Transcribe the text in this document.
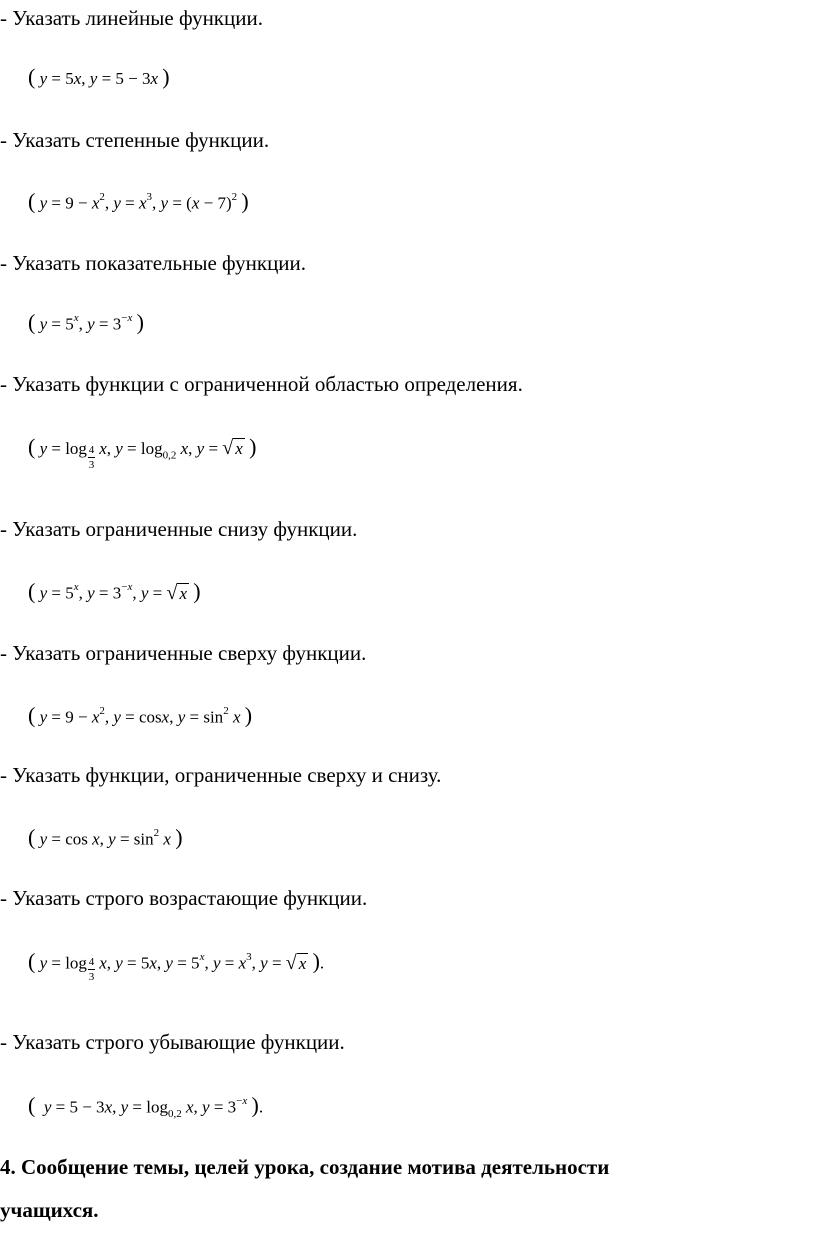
- Указать линейные функции.
( y = 5x, y = 5 − 3x )
- Указать степенные функции.
( $y = 9 - x^2$, $y = x^3$, $y = (x - 7)^2$ )
- Указать показательные функции.
( $y = 5^x$, $y = 3^{-x}$ )
- Указать функции с ограниченной областью определения.
( $y = \log \frac{4}{3} x$, $y = \log_{0,2} x$, y = √ x )
- Указать ограниченные снизу функции.
( $y = 5^x$, $y = 3^{-x}$, y = √ x )
- Указать ограниченные сверху функции.
( $y = 9 - x^2$, y = cosx, $y = \sin^2 x$ )
- Указать функции, ограниченные сверху и снизу.
( y = cos x, $y = \sin^2 x$ )
- Указать строго возрастающие функции.
( $y = \log \frac{4}{3} x$, y = 5x, $y = 5^x$, $y = x^3$, y = √ x ).
- Указать строго убывающие функции.
( y = 5 − 3x, $y = \log_{0,2} x$, $y = 3^{-x}$ ).
4. Сообщение темы, целей урока, создание мотива деятельности
учащихся.
